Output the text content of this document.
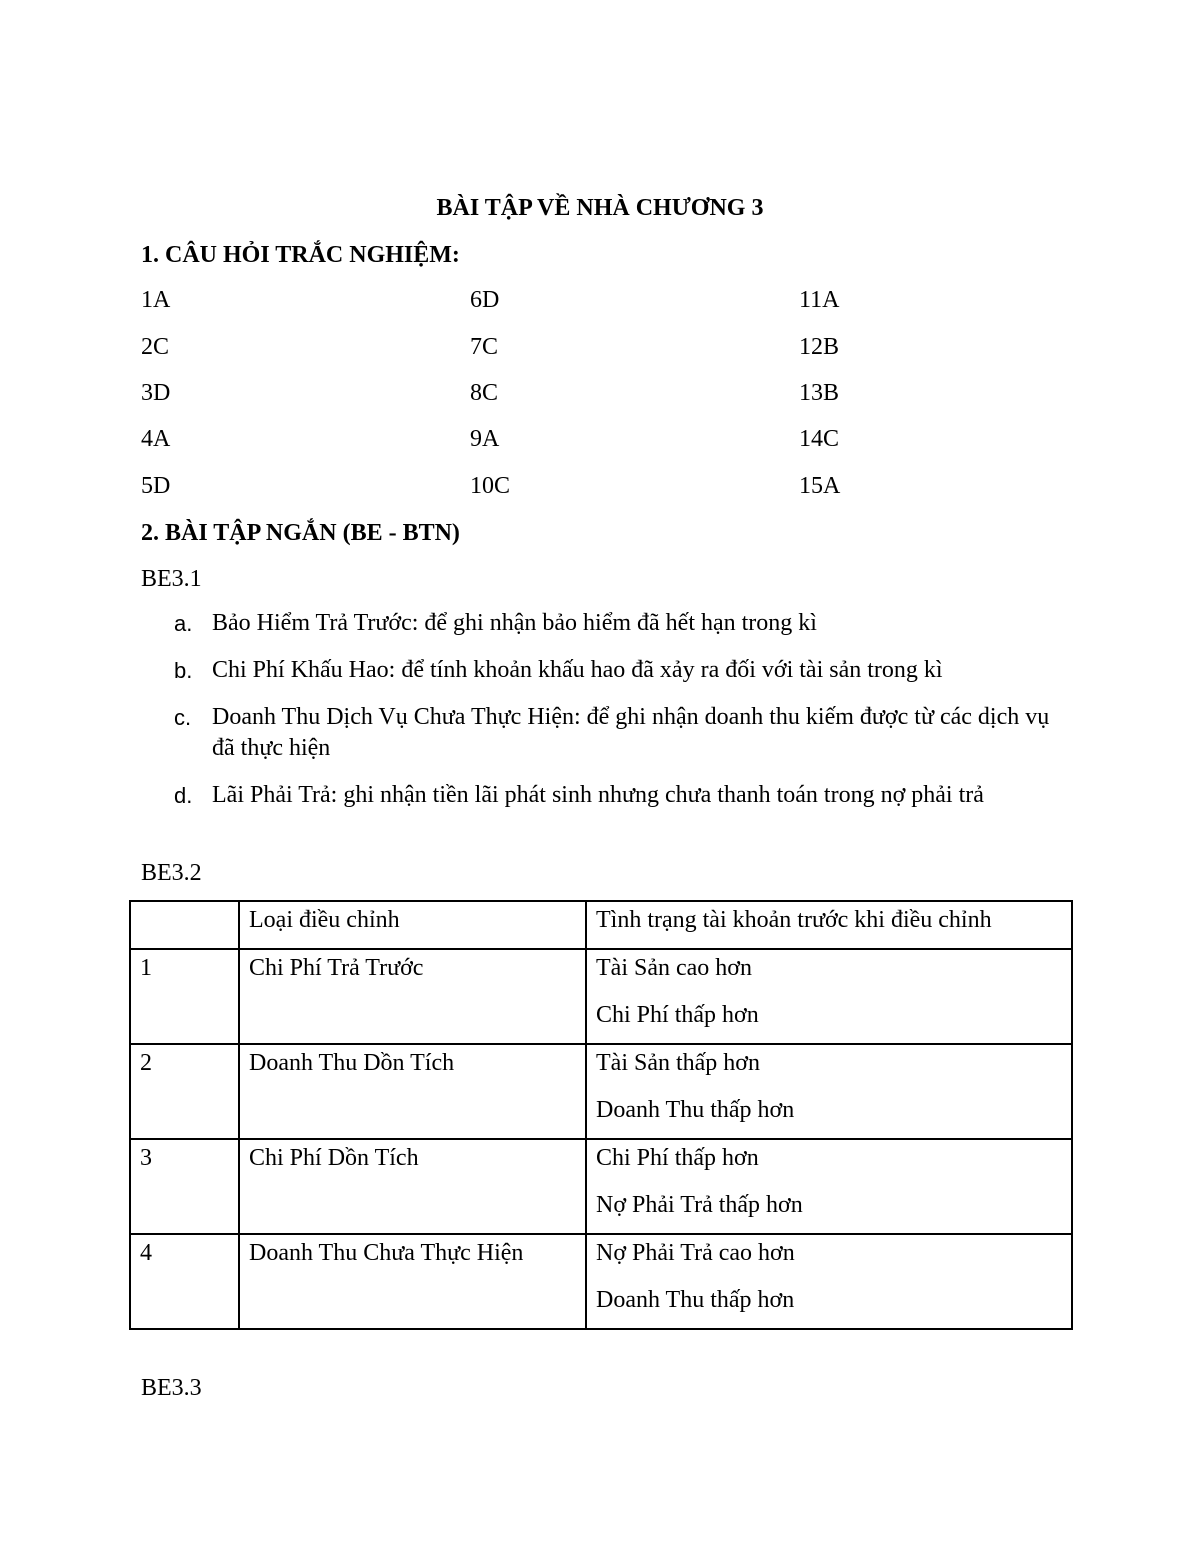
BÀI TẬP VỀ NHÀ CHƯƠNG 3
1. CÂU HỎI TRẮC NGHIỆM:
1A	6D	11A
2C	7C	12B
3D	8C	13B
4A	9A	14C
5D	10C	15A
2. BÀI TẬP NGẮN (BE - BTN)
BE3.1
a. Bảo Hiểm Trả Trước: để ghi nhận bảo hiểm đã hết hạn trong kì
b. Chi Phí Khấu Hao: để tính khoản khấu hao đã xảy ra đối với tài sản trong kì
c. Doanh Thu Dịch Vụ Chưa Thực Hiện: để ghi nhận doanh thu kiếm được từ các dịch vụ đã thực hiện
d. Lãi Phải Trả: ghi nhận tiền lãi phát sinh nhưng chưa thanh toán trong nợ phải trả
BE3.2
	Loại điều chỉnh	Tình trạng tài khoản trước khi điều chỉnh
1	Chi Phí Trả Trước	Tài Sản cao hơn
Chi Phí thấp hơn

2	Doanh Thu Dồn Tích	Tài Sản thấp hơn
Doanh Thu thấp hơn

3	Chi Phí Dồn Tích	Chi Phí thấp hơn
Nợ Phải Trả thấp hơn

4	Doanh Thu Chưa Thực Hiện	Nợ Phải Trả cao hơn
Doanh Thu thấp hơn
BE3.3
